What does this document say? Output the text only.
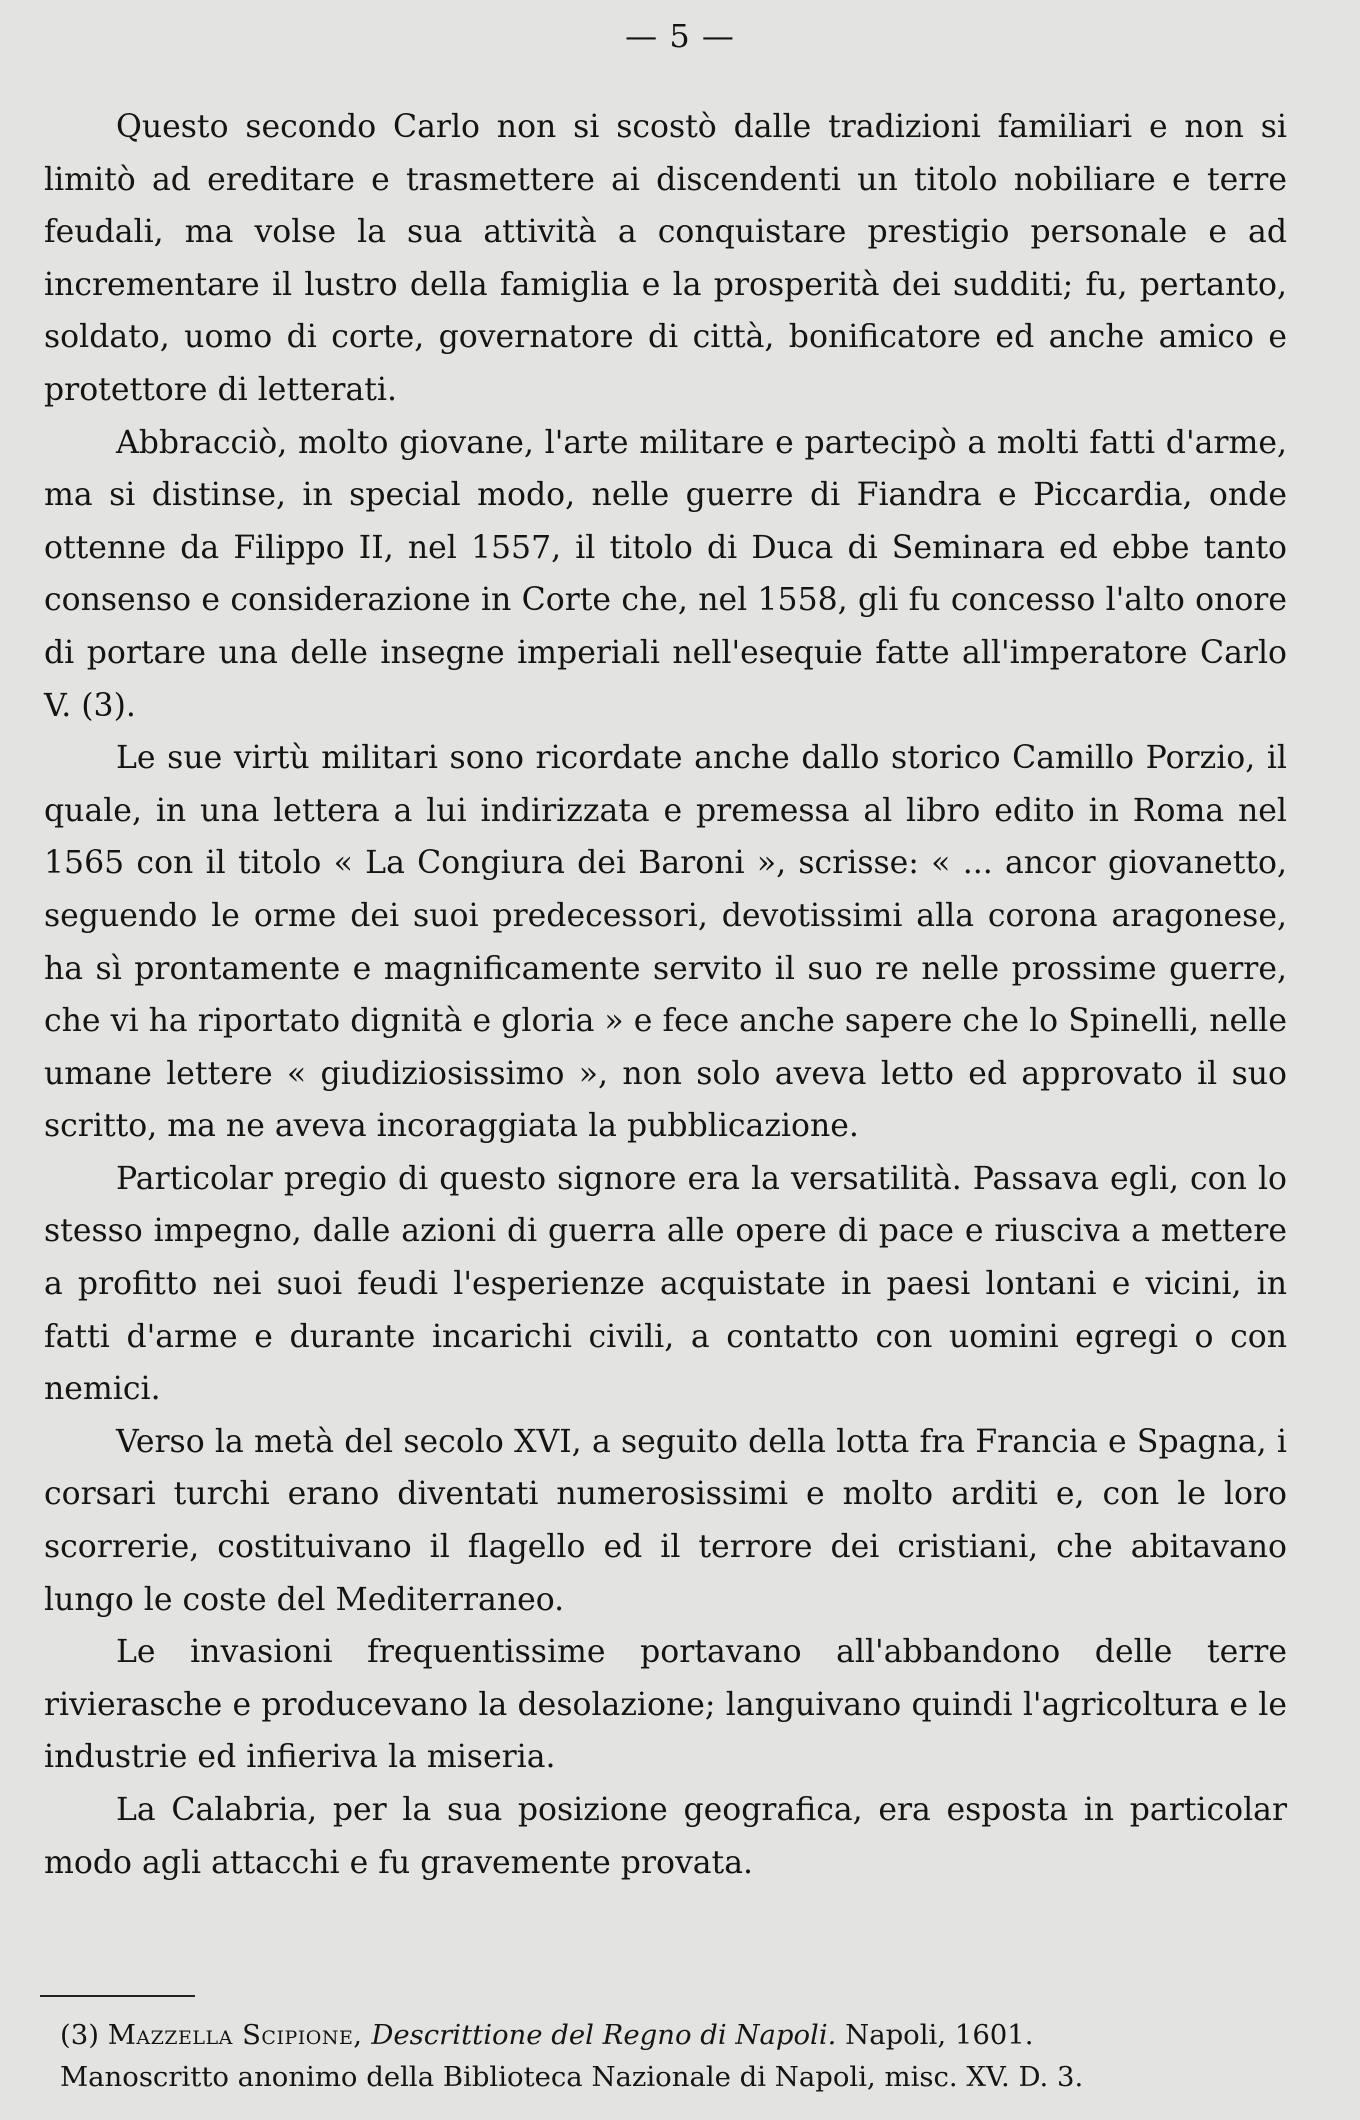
— 5 —

Questo secondo Carlo non si scostò dalle tradizioni familiari e non si limitò ad ereditare e trasmettere ai discendenti un titolo nobiliare e terre feudali, ma volse la sua attività a conquistare prestigio personale e ad incrementare il lustro della famiglia e la prosperità dei sudditi; fu, pertanto, soldato, uomo di corte, governatore di città, bonificatore ed anche amico e protettore di letterati.

Abbracciò, molto giovane, l'arte militare e partecipò a molti fatti d'arme, ma si distinse, in special modo, nelle guerre di Fiandra e Piccardia, onde ottenne da Filippo II, nel 1557, il titolo di Duca di Seminara ed ebbe tanto consenso e considerazione in Corte che, nel 1558, gli fu concesso l'alto onore di portare una delle insegne imperiali nell'esequie fatte all'imperatore Carlo V. (3).

Le sue virtù militari sono ricordate anche dallo storico Camillo Porzio, il quale, in una lettera a lui indirizzata e premessa al libro edito in Roma nel 1565 con il titolo « La Congiura dei Baroni », scrisse: « ... ancor giovanetto, seguendo le orme dei suoi predecessori, devotissimi alla corona aragonese, ha sì prontamente e magnificamente servito il suo re nelle prossime guerre, che vi ha riportato dignità e gloria » e fece anche sapere che lo Spinelli, nelle umane lettere « giudiziosissimo », non solo aveva letto ed approvato il suo scritto, ma ne aveva incoraggiata la pubblicazione.

Particolar pregio di questo signore era la versatilità. Passava egli, con lo stesso impegno, dalle azioni di guerra alle opere di pace e riusciva a mettere a profitto nei suoi feudi l'esperienze acquistate in paesi lontani e vicini, in fatti d'arme e durante incarichi civili, a contatto con uomini egregi o con nemici.

Verso la metà del secolo XVI, a seguito della lotta fra Francia e Spagna, i corsari turchi erano diventati numerosissimi e molto arditi e, con le loro scorrerie, costituivano il flagello ed il terrore dei cristiani, che abitavano lungo le coste del Mediterraneo.

Le invasioni frequentissime portavano all'abbandono delle terre rivierasche e producevano la desolazione; languivano quindi l'agricoltura e le industrie ed infieriva la miseria.

La Calabria, per la sua posizione geografica, era esposta in particolar modo agli attacchi e fu gravemente provata.

(3) Mazzella Scipione, Descrittione del Regno di Napoli. Napoli, 1601.

Manoscritto anonimo della Biblioteca Nazionale di Napoli, misc. XV. D. 3.
